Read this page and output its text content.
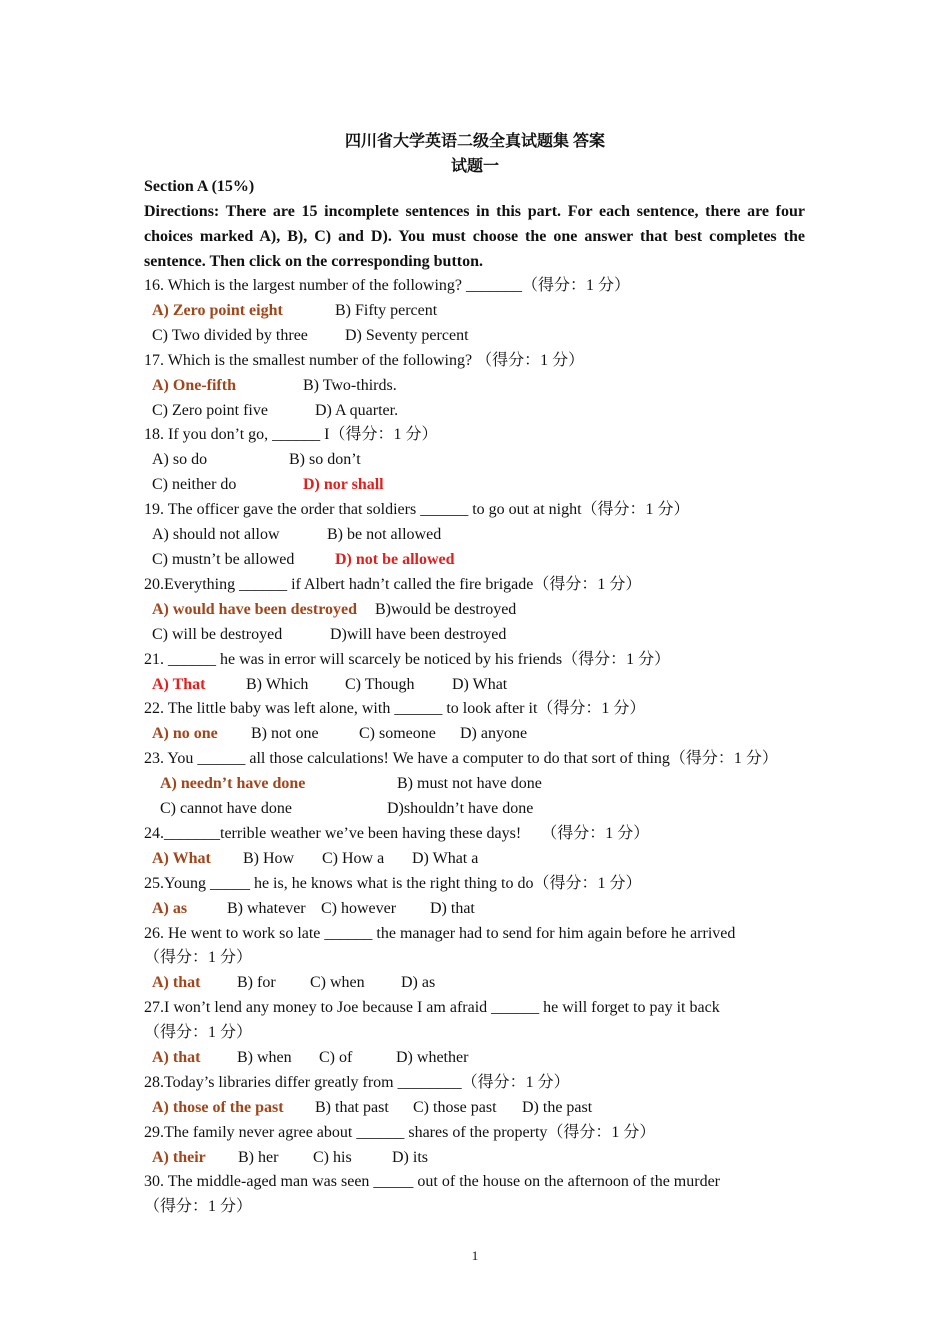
四川省大学英语二级全真试题集 答案
试题一
Section A (15%)
Directions: There are 15 incomplete sentences in this part. For each sentence, there are four choices marked A), B), C) and D). You must choose the one answer that best completes the sentence. Then click on the corresponding button.
16. Which is the largest number of the following? _______（得分：1 分）
A) Zero point eight	B) Fifty percent
C) Two divided by three D) Seventy percent
17. Which is the smallest number of the following? （得分：1 分）
A) One-fifth	B) Two-thirds.
C) Zero point five	D) A quarter.
18. If you don’t go, ______ I（得分：1 分）
A) so do	B) so don’t
C) neither do	D) nor shall
19. The officer gave the order that soldiers ______ to go out at night（得分：1 分）
A) should not allow	B) be not allowed
C) mustn’t be allowed	D) not be allowed
20.Everything ______ if Albert hadn’t called the fire brigade（得分：1 分）
A) would have been destroyed B)would be destroyed
C) will be destroyed	D)will have been destroyed
21. ______ he was in error will scarcely be noticed by his friends（得分：1 分）
A) That	B) Which C) Though D) What
22. The little baby was left alone, with ______ to look after it（得分：1 分）
A) no one B) not one	C) someone D) anyone
23. You ______ all those calculations! We have a computer to do that sort of thing（得分：1 分）
A) needn’t have done	B) must not have done
C) cannot have done	D)shouldn’t have done
24._______terrible weather we’ve been having these days!　 （得分：1 分）
A) What B) How C) How a D) What a
25.Young _____ he is, he knows what is the right thing to do（得分：1 分）
A) as B) whatever C) however D) that
26. He went to work so late ______ the manager had to send for him again before he arrived
（得分：1 分）
A) that B) for C) when D) as
27.I won’t lend any money to Joe because I am afraid ______ he will forget to pay it back
（得分：1 分）
A) that B) when C) of	D) whether
28.Today’s libraries differ greatly from ________（得分：1 分）
A) those of the past B) that past C) those past D) the past
29.The family never agree about ______ shares of the property（得分：1 分）
A) their B) her C) his	D) its
30. The middle-aged man was seen _____ out of the house on the afternoon of the murder
（得分：1 分）
1
